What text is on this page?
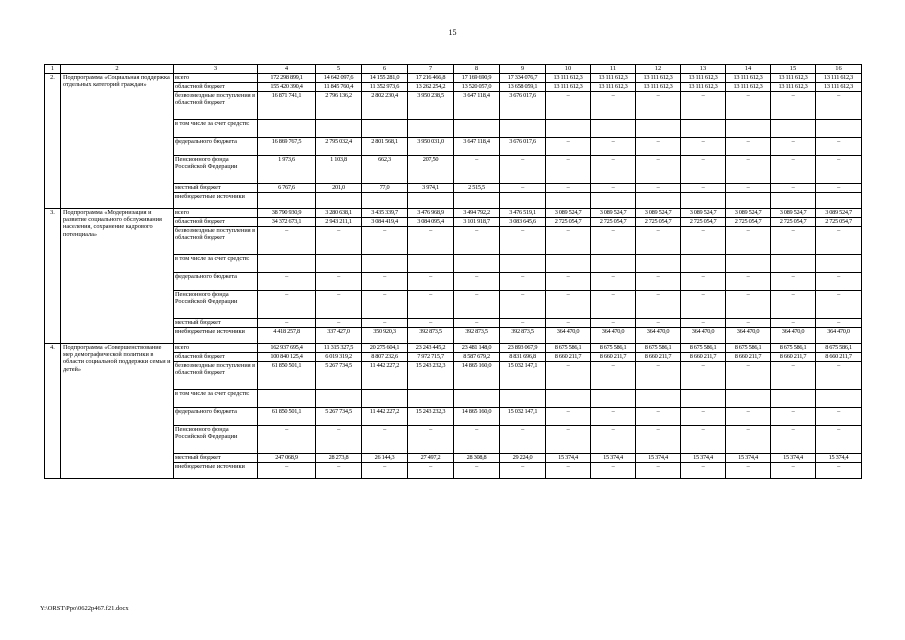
15
1	2	3	4	5	6	7	8	9	10	11	12	13	14	15	16
2.	Подпрограмма «Социальная поддержка отдельных категорий граждан»	всего	172 298 899,1	14 642 097,6	14 155 281,0	17 216 466,8	17 169 690,9	17 334 076,7	13 111 612,3	13 111 612,3	13 111 612,3	13 111 612,3	13 111 612,3	13 111 612,3	13 111 612,3
		областной бюджет	155 420 390,4	11 845 760,4	11 352 973,6	13 262 254,2	13 520 057,0	13 658 059,1	13 111 612,3	13 111 612,3	13 111 612,3	13 111 612,3	13 111 612,3	13 111 612,3	13 111 612,3
		безвозмездные поступления в областной бюджет	16 871 741,1	2 796 136,2	2 802 230,4	3 950 238,5	3 647 118,4	3 676 017,6	–	–	–	–	–	–	–
		в том числе за счет средств:													
		федерального бюджета	16 869 767,5	2 795 032,4	2 801 568,1	3 950 031,0	3 647 118,4	3 676 017,6	–	–	–	–	–	–	–
		Пенсионного фонда Российской Федерации	1 973,6	1 103,8	662,3	207,50	–	–	–	–	–	–	–	–	–
		местный бюджет	6 767,6	201,0	77,0	3 974,1	2 515,5	–	–	–	–	–	–	–	–
		внебюджетные источники													
3.	Подпрограмма «Модернизация и развитие социального обслуживания населения, сохранение кадрового потенциала»	всего	38 790 930,9	3 280 638,1	3 435 339,7	3 476 968,9	3 494 792,2	3 476 519,1	3 089 524,7	3 089 524,7	3 089 524,7	3 089 524,7	3 089 524,7	3 089 524,7	3 089 524,7
		областной бюджет	34 372 673,1	2 943 211,1	3 084 419,4	3 084 095,4	3 101 918,7	3 083 645,6	2 725 054,7	2 725 054,7	2 725 054,7	2 725 054,7	2 725 054,7	2 725 054,7	2 725 054,7
		безвозмездные поступления в областной бюджет	–	–	–	–	–	–	–	–	–	–	–	–	–
		в том числе за счет средств:													
		федерального бюджета	–	–	–	–	–	–	–	–	–	–	–	–	–
		Пенсионного фонда Российской Федерации	–	–	–	–	–	–	–	–	–	–	–	–	–
		местный бюджет	–	–	–	–	–	–	–	–	–	–	–	–	–
		внебюджетные источники	4 418 257,8	337 427,0	350 920,3	392 873,5	392 873,5	392 873,5	364 470,0	364 470,0	364 470,0	364 470,0	364 470,0	364 470,0	364 470,0
4.	Подпрограмма «Совершенствование мер демографической политики в области социальной поддержки семьи и детей»	всего	162 937 695,4	11 315 327,5	20 275 604,1	23 243 445,2	23 481 148,0	23 893 067,9	8 675 586,1	8 675 586,1	8 675 586,1	8 675 586,1	8 675 586,1	8 675 586,1	8 675 586,1
		областной бюджет	100 840 125,4	6 019 319,2	8 807 232,6	7 972 715,7	8 587 679,2	8 831 696,8	8 660 211,7	8 660 211,7	8 660 211,7	8 660 211,7	8 660 211,7	8 660 211,7	8 660 211,7
		безвозмездные поступления в областной бюджет	61 850 501,1	5 267 734,5	11 442 227,2	15 243 232,3	14 865 160,0	15 032 147,1	–	–	–	–	–	–	–
		в том числе за счет средств:													
		федерального бюджета	61 850 501,1	5 267 734,5	11 442 227,2	15 243 232,3	14 865 160,0	15 032 147,1	–	–	–	–	–	–	–
		Пенсионного фонда Российской Федерации	–	–	–	–	–	–	–	–	–	–	–	–	–
		местный бюджет	247 068,9	28 273,8	26 144,3	27 497,2	28 308,8	29 224,0	15 374,4	15 374,4	15 374,4	15 374,4	15 374,4	15 374,4	15 374,4
		внебюджетные источники	–	–	–	–	–	–	–	–	–	–	–	–	–
Y:\ORST\Ppo\0622p467.f21.docx
